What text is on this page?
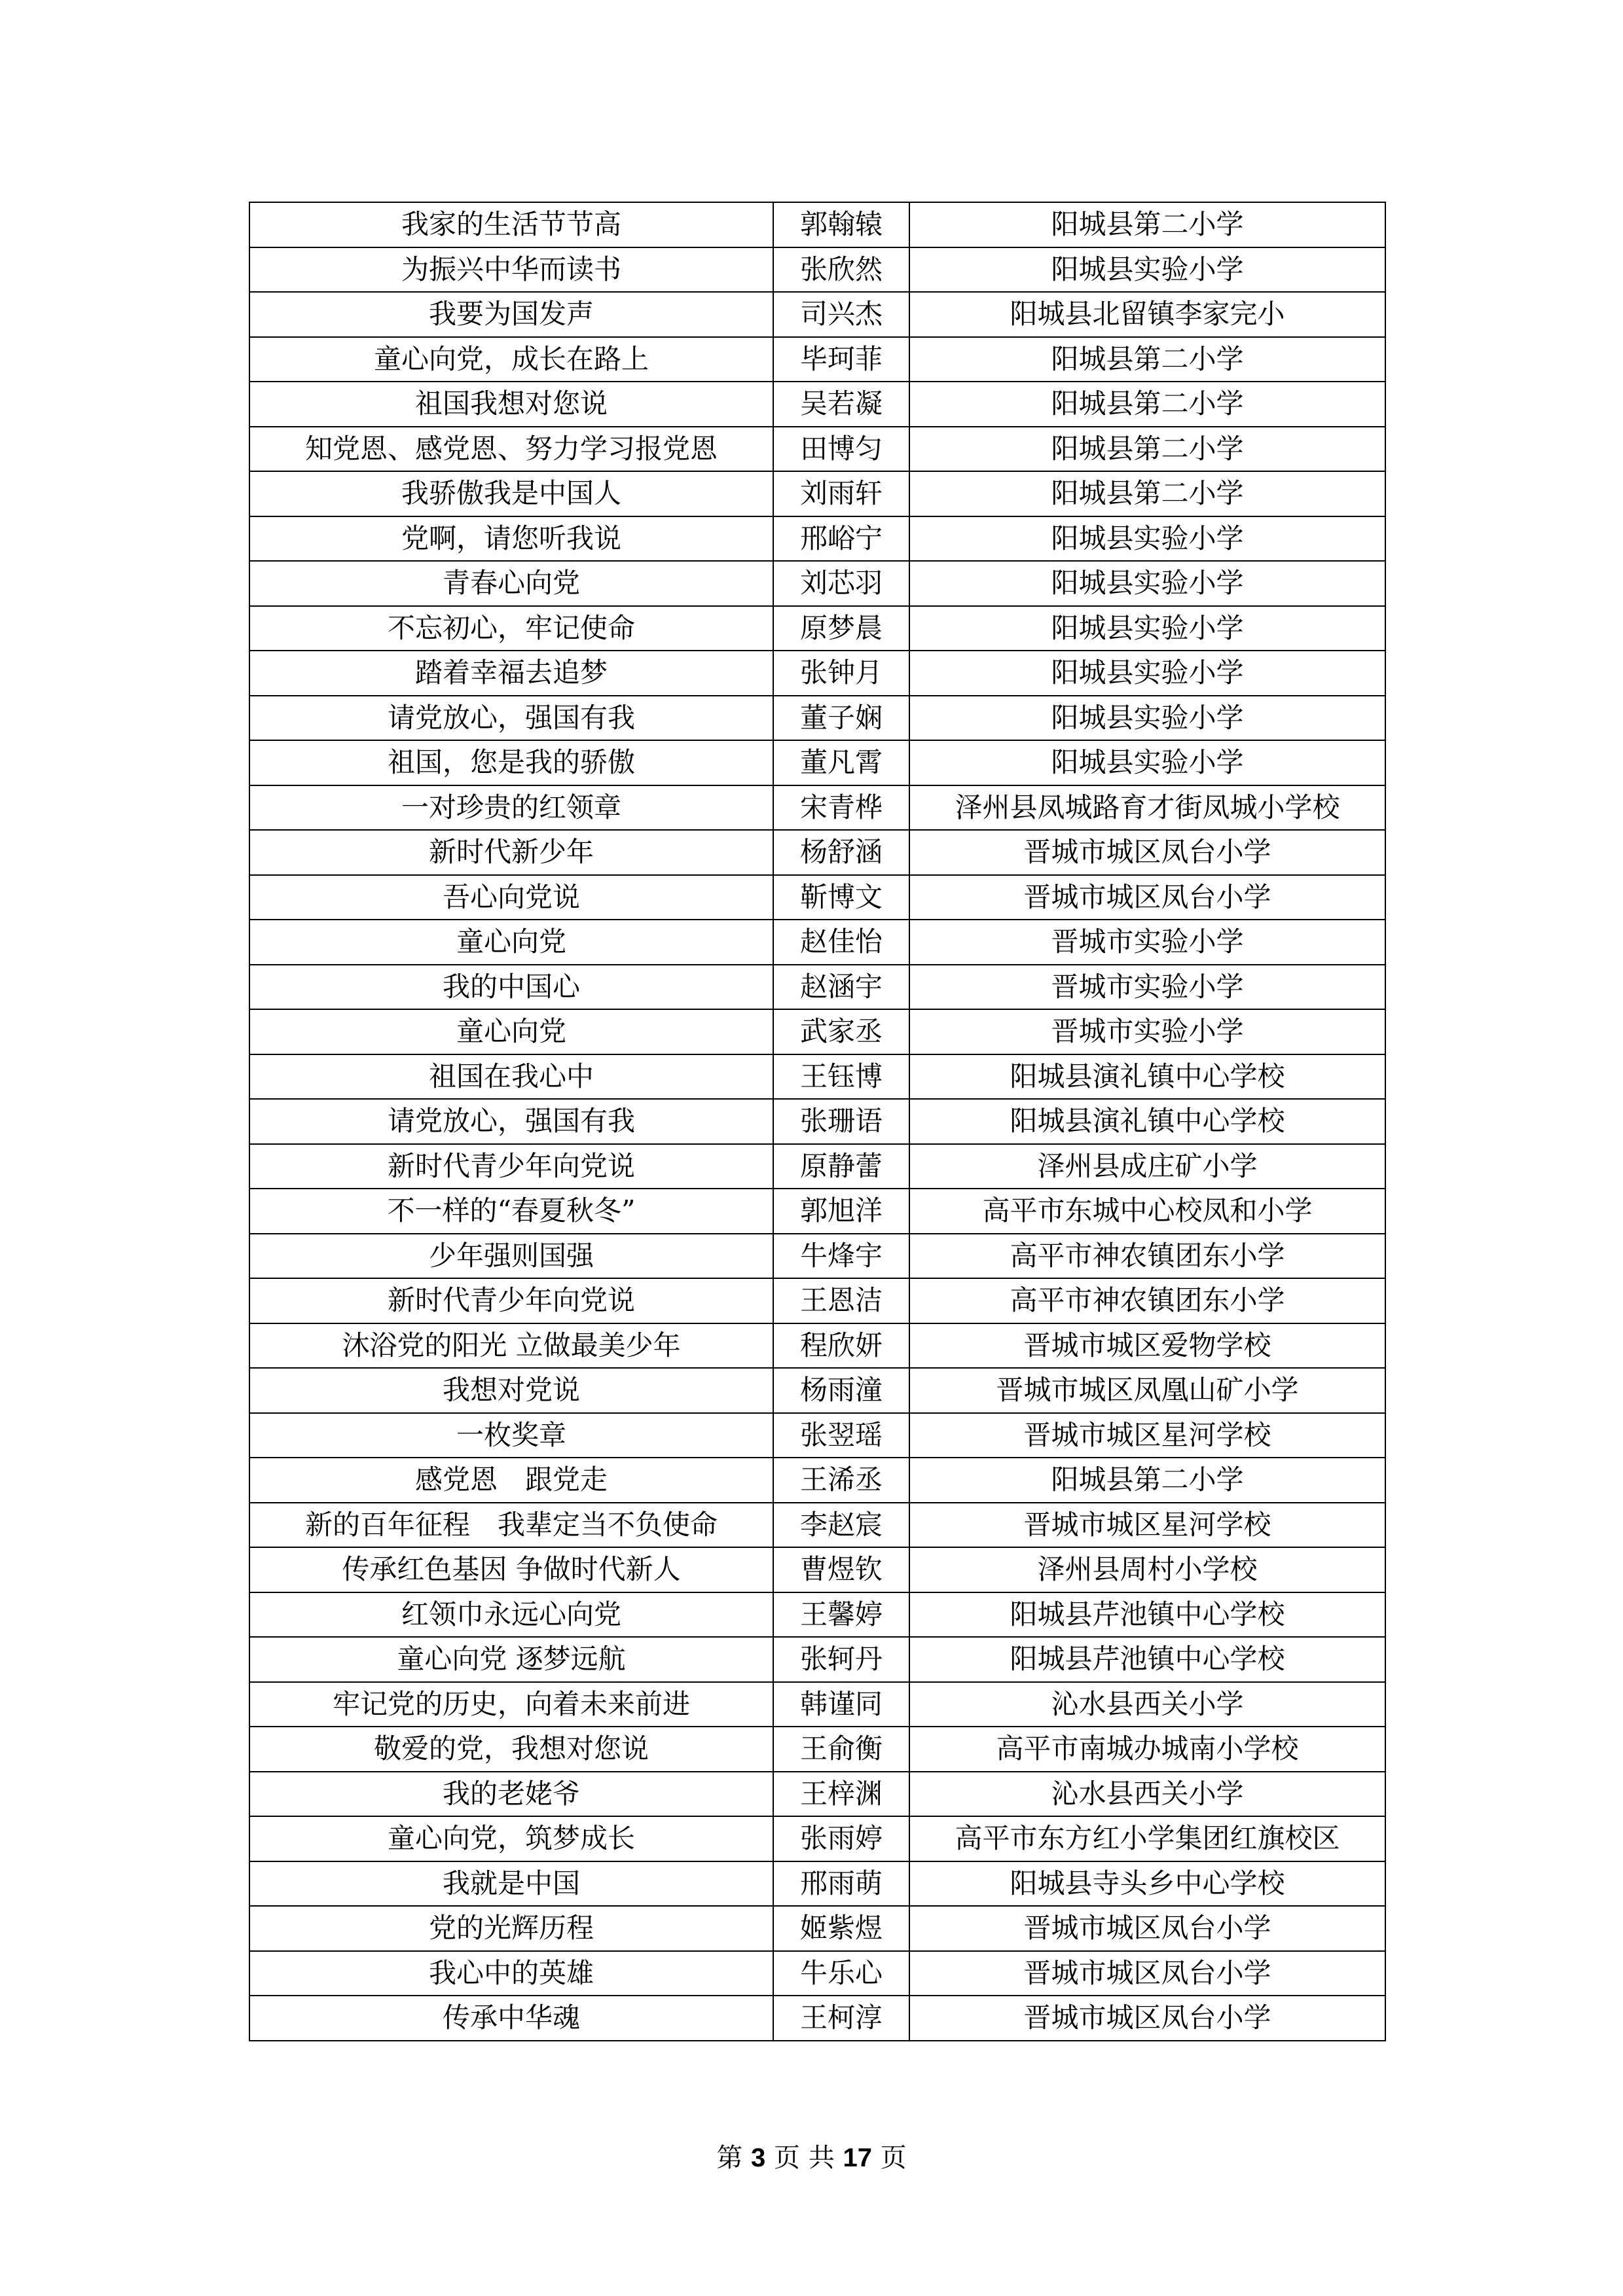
我家的生活节节高	郭翰辕	阳城县第二小学
为振兴中华而读书	张欣然	阳城县实验小学
我要为国发声	司兴杰	阳城县北留镇李家完小
童心向党，成长在路上	毕珂菲	阳城县第二小学
祖国我想对您说	吴若凝	阳城县第二小学
知党恩、感党恩、努力学习报党恩	田博匀	阳城县第二小学
我骄傲我是中国人	刘雨轩	阳城县第二小学
党啊，请您听我说	邢峪宁	阳城县实验小学
青春心向党	刘芯羽	阳城县实验小学
不忘初心，牢记使命	原梦晨	阳城县实验小学
踏着幸福去追梦	张钟月	阳城县实验小学
请党放心，强国有我	董子娴	阳城县实验小学
祖国，您是我的骄傲	董凡霄	阳城县实验小学
一对珍贵的红领章	宋青桦	泽州县凤城路育才街凤城小学校
新时代新少年	杨舒涵	晋城市城区凤台小学
吾心向党说	靳博文	晋城市城区凤台小学
童心向党	赵佳怡	晋城市实验小学
我的中国心	赵涵宇	晋城市实验小学
童心向党	武家丞	晋城市实验小学
祖国在我心中	王钰博	阳城县演礼镇中心学校
请党放心，强国有我	张珊语	阳城县演礼镇中心学校
新时代青少年向党说	原静蕾	泽州县成庄矿小学
不一样的“春夏秋冬”	郭旭洋	高平市东城中心校凤和小学
少年强则国强	牛烽宇	高平市神农镇团东小学
新时代青少年向党说	王恩洁	高平市神农镇团东小学
沐浴党的阳光 立做最美少年	程欣妍	晋城市城区爱物学校
我想对党说	杨雨潼	晋城市城区凤凰山矿小学
一枚奖章	张翌瑶	晋城市城区星河学校
感党恩　跟党走	王浠丞	阳城县第二小学
新的百年征程　我辈定当不负使命	李赵宸	晋城市城区星河学校
传承红色基因 争做时代新人	曹煜钦	泽州县周村小学校
红领巾永远心向党	王馨婷	阳城县芹池镇中心学校
童心向党 逐梦远航	张轲丹	阳城县芹池镇中心学校
牢记党的历史，向着未来前进	韩谨同	沁水县西关小学
敬爱的党，我想对您说	王俞衡	高平市南城办城南小学校
我的老姥爷	王梓渊	沁水县西关小学
童心向党，筑梦成长	张雨婷	高平市东方红小学集团红旗校区
我就是中国	邢雨萌	阳城县寺头乡中心学校
党的光辉历程	姬紫煜	晋城市城区凤台小学
我心中的英雄	牛乐心	晋城市城区凤台小学
传承中华魂	王柯淳	晋城市城区凤台小学
第 3 页 共 17 页
